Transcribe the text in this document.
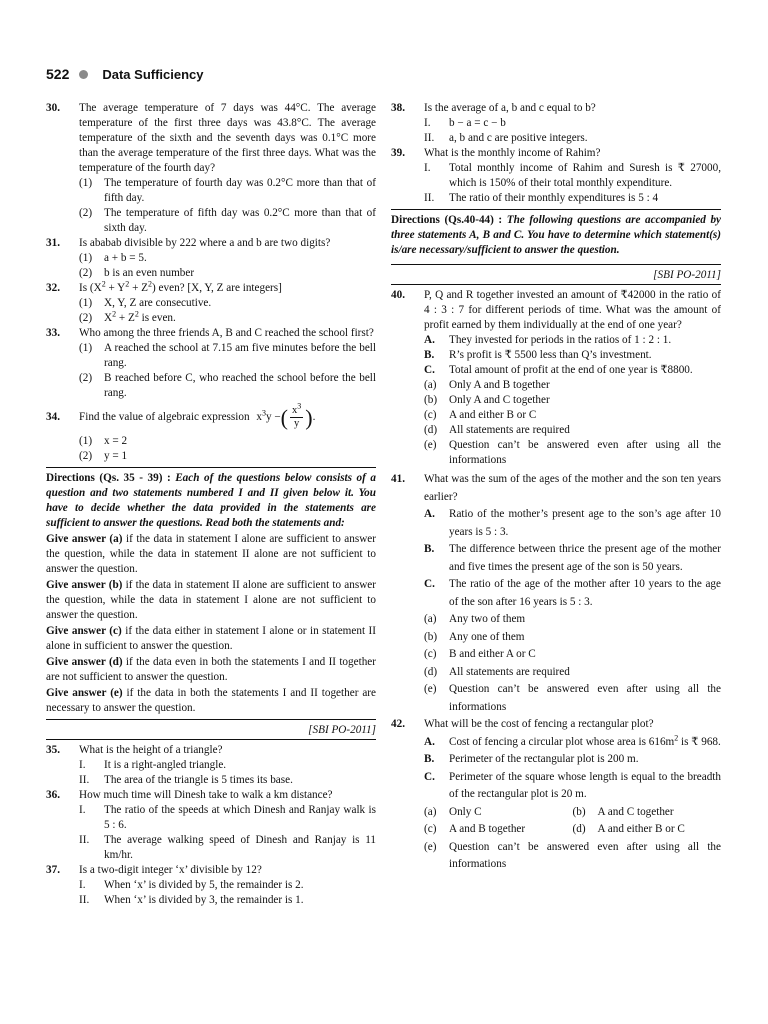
522	Data Sufficiency
30.	The average temperature of 7 days was 44°C. The average temperature of the first three days was 43.8°C. The average temperature of the sixth and the seventh days was 0.1°C more than the average temperature of the first three days. What was the temperature of the fourth day?
(1)	The temperature of fourth day was 0.2°C more than that of fifth day.
(2)	The temperature of fifth day was 0.2°C more than that of sixth day.
31.	Is ababab divisible by 222 where a and b are two digits?
(1)	a + b = 5.
(2)	b is an even number
32.	Is $(X^2 + Y^2 + Z^2)$ even? [X, Y, Z are integers]
(1)	X, Y, Z are consecutive.
(2)	$X^2 + Z^2$ is even.
33.	Who among the three friends A, B and C reached the school first?
(1)	A reached the school at 7.15 am five minutes before the bell rang.
(2)	B reached before C, who reached the school before the bell rang.
34.	Find the value of algebraic expression $x^3y$ −( $\frac{x^3}{y}$ ).
(1)	x = 2
(2)	y = 1
Directions (Qs. 35 - 39) : Each of the questions below consists of a question and two statements numbered I and II given below it. You have to decide whether the data provided in the statements are sufficient to answer the questions. Read both the statements and:
Give answer (a) if the data in statement I alone are sufficient to answer the question, while the data in statement II alone are not sufficient to answer the question.
Give answer (b) if the data in statement II alone are sufficient to answer the question, while the data in statement I alone are not sufficient to answer the question.
Give answer (c) if the data either in statement I alone or in statement II alone in sufficient to answer the question.
Give answer (d) if the data even in both the statements I and II together are not sufficient to answer the question.
Give answer (e) if the data in both the statements I and II together are necessary to answer the question.
[SBI PO-2011]
35.	What is the height of a triangle?
I.	It is a right-angled triangle.
II.	The area of the triangle is 5 times its base.
36.	How much time will Dinesh take to walk a km distance?
I.	The ratio of the speeds at which Dinesh and Ranjay walk is 5 : 6.
II.	The average walking speed of Dinesh and Ranjay is 11 km/hr.
37.	Is a two-digit integer ‘x’ divisible by 12?
I.	When ‘x’ is divided by 5, the remainder is 2.
II.	When ‘x’ is divided by 3, the remainder is 1.
38.	Is the average of a, b and c equal to b?
I.	b − a = c − b
II.	a, b and c are positive integers.
39.	What is the monthly income of Rahim?
I.	Total monthly income of Rahim and Suresh is ₹ 27000, which is 150% of their total monthly expenditure.
II.	The ratio of their monthly expenditures is 5 : 4
Directions (Qs.40-44) : The following questions are accompanied by three statements A, B and C. You have to determine which statement(s) is/are necessary/sufficient to answer the question.
[SBI PO-2011]
40.	P, Q and R together invested an amount of ₹42000 in the ratio of 4 : 3 : 7 for different periods of time. What was the amount of profit earned by them individually at the end of one year?
A.	They invested for periods in the ratios of 1 : 2 : 1.
B.	R’s profit is ₹ 5500 less than Q’s investment.
C.	Total amount of profit at the end of one year is ₹8800.
(a)	Only A and B together
(b)	Only A and C together
(c)	A and either B or C
(d)	All statements are required
(e)	Question can’t be answered even after using all the informations
41.	What was the sum of the ages of the mother and the son ten years earlier?
A.	Ratio of the mother’s present age to the son’s age after 10 years is 5 : 3.
B.	The difference between thrice the present age of the mother and five times the present age of the son is 50 years.
C.	The ratio of the age of the mother after 10 years to the age of the son after 16 years is 5 : 3.
(a)	Any two of them
(b)	Any one of them
(c)	B and either A or C
(d)	All statements are required
(e)	Question can’t be answered even after using all the informations
42.	What will be the cost of fencing a rectangular plot?
A.	Cost of fencing a circular plot whose area is $616m^2$ is ₹ 968.
B.	Perimeter of the rectangular plot is 200 m.
C.	Perimeter of the square whose length is equal to the breadth of the rectangular plot is 20 m.
(a)	Only C	(b)	A and C together
(c)	A and B together	(d)	A and either B or C
(e)	Question can’t be answered even after using all the informations
